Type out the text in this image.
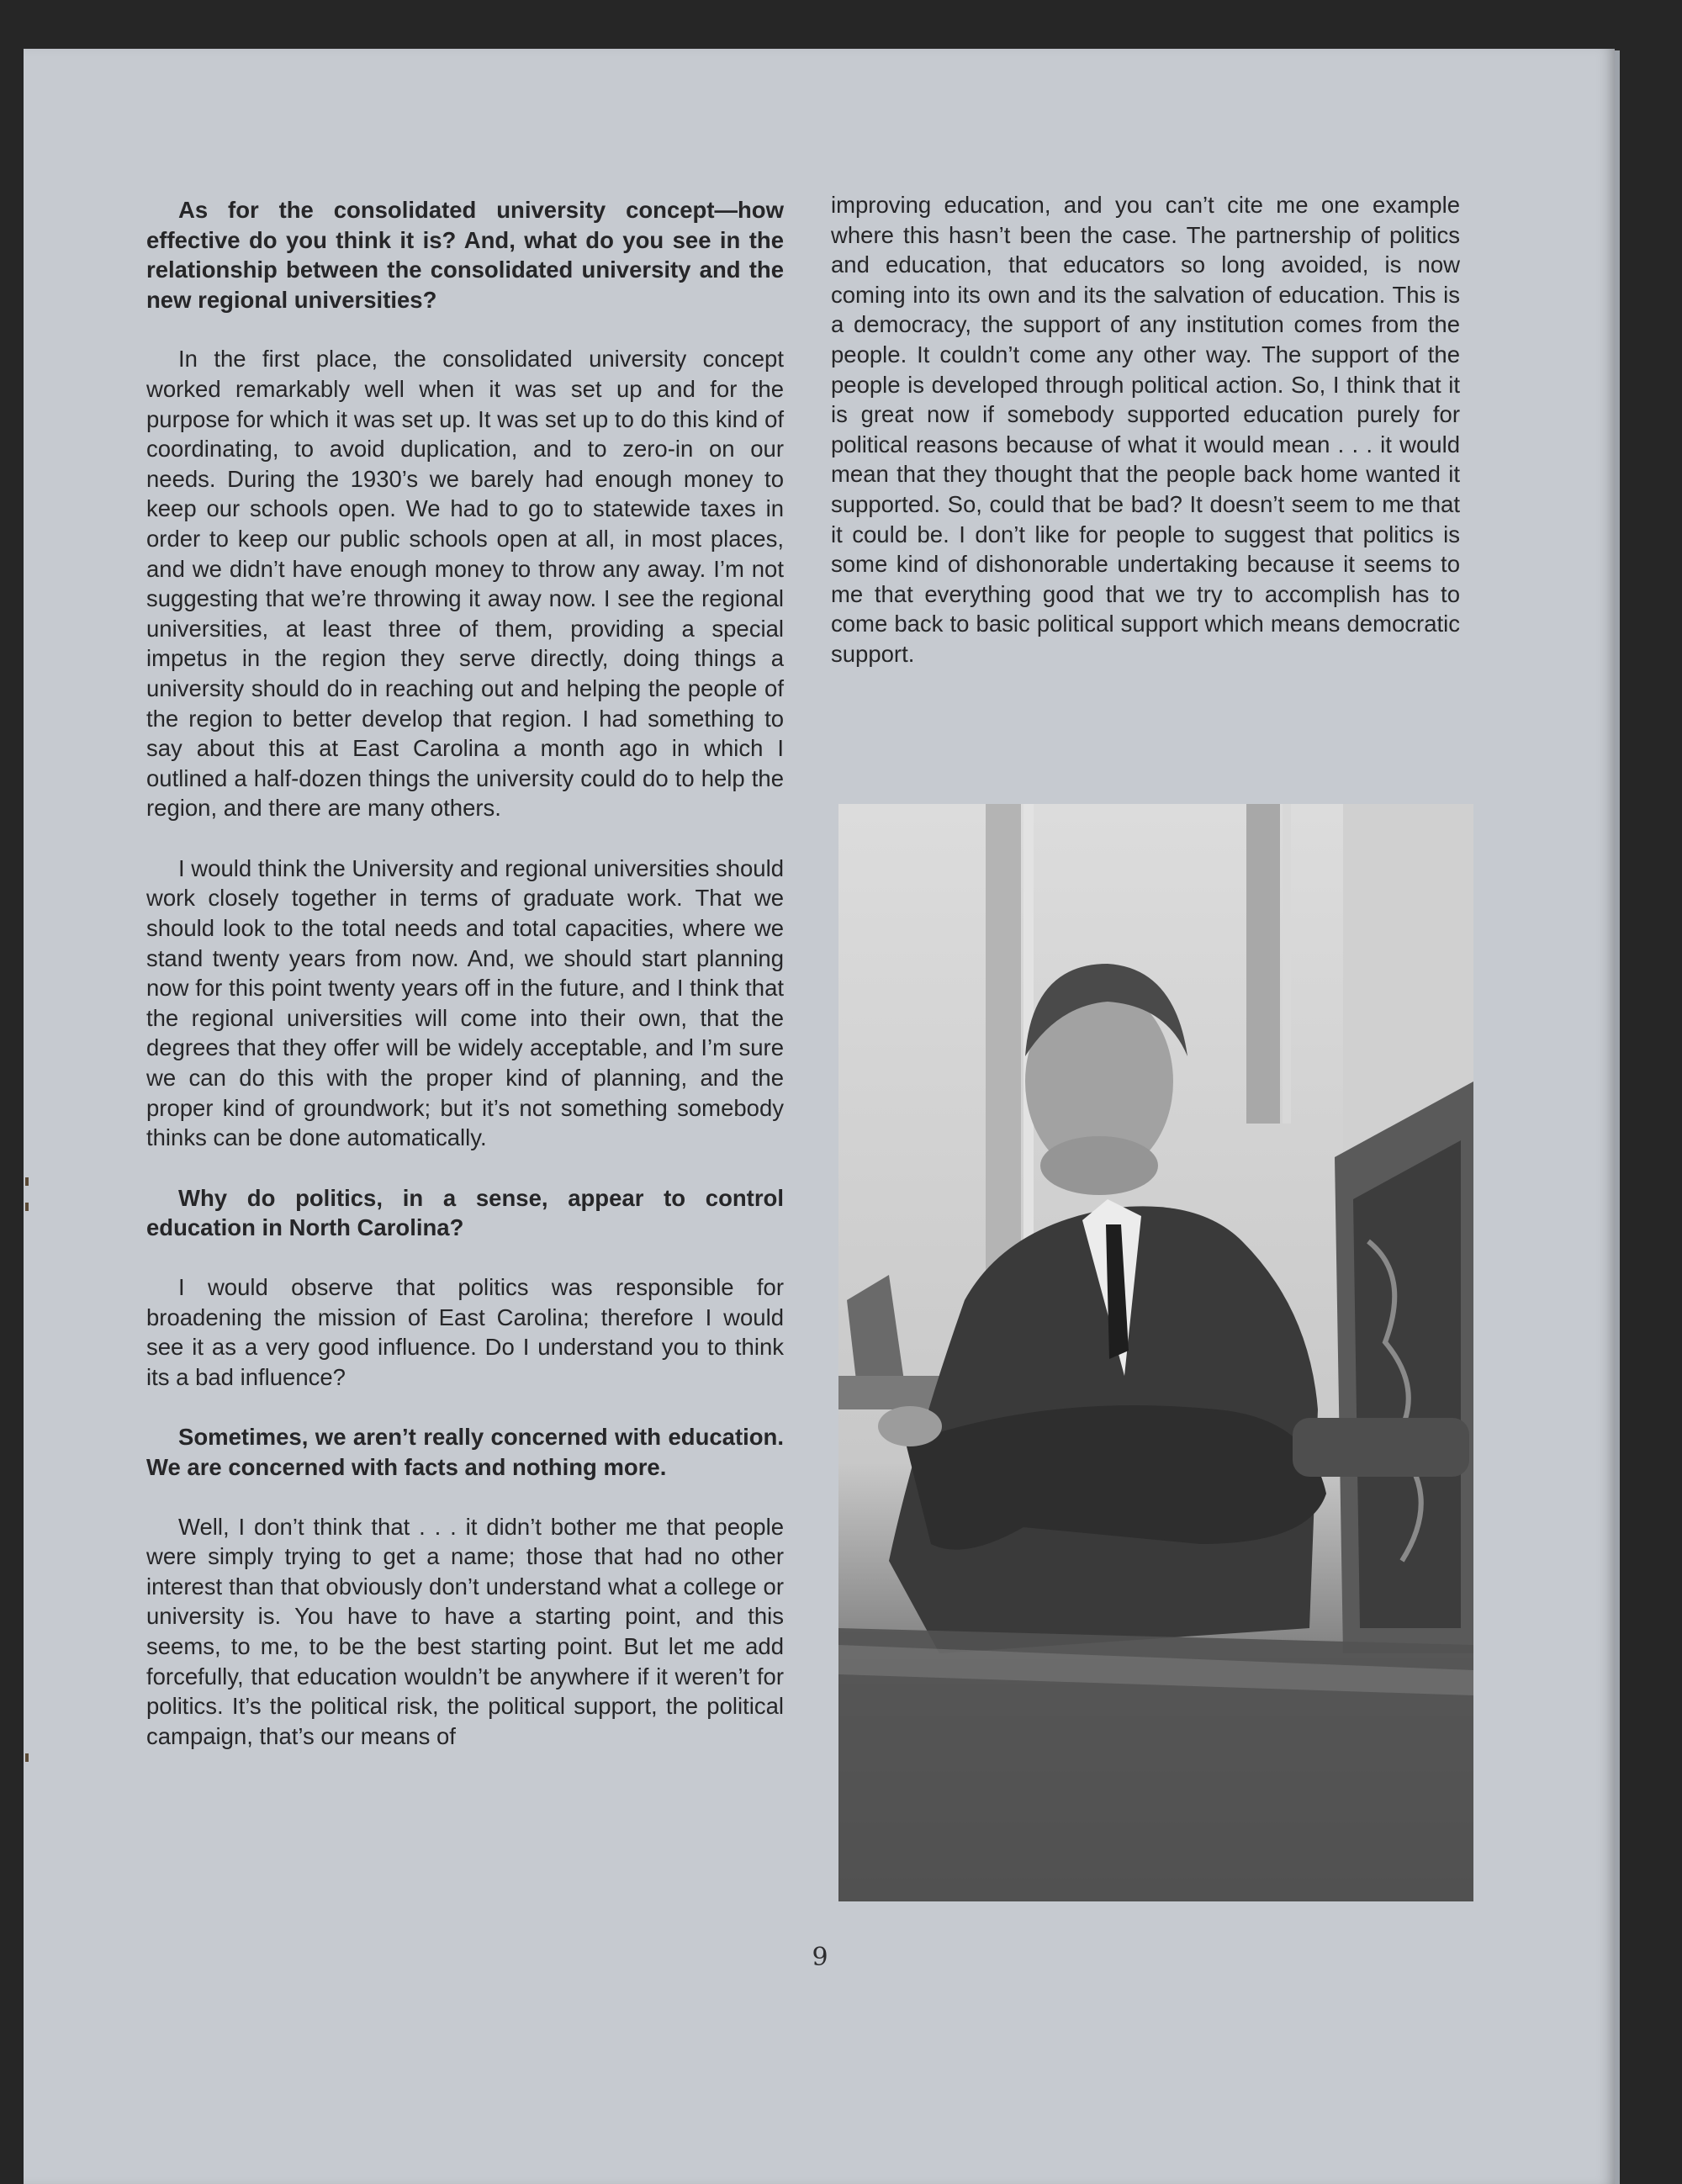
As for the consolidated university concept—how effective do you think it is? And, what do you see in the relationship between the consolidated university and the new regional universities?

In the first place, the consolidated university concept worked remarkably well when it was set up and for the purpose for which it was set up. It was set up to do this kind of coordinating, to avoid duplication, and to zero-in on our needs. During the 1930’s we barely had enough money to keep our schools open. We had to go to statewide taxes in order to keep our public schools open at all, in most places, and we didn’t have enough money to throw any away. I’m not suggesting that we’re throwing it away now. I see the regional universities, at least three of them, providing a special impetus in the region they serve directly, doing things a university should do in reaching out and helping the people of the region to better develop that region. I had something to say about this at East Carolina a month ago in which I outlined a half-dozen things the university could do to help the region, and there are many others.

I would think the University and regional universities should work closely together in terms of graduate work. That we should look to the total needs and total capacities, where we stand twenty years from now. And, we should start planning now for this point twenty years off in the future, and I think that the regional universities will come into their own, that the degrees that they offer will be widely acceptable, and I’m sure we can do this with the proper kind of planning, and the proper kind of groundwork; but it’s not something somebody thinks can be done automatically.

Why do politics, in a sense, appear to control education in North Carolina?

I would observe that politics was responsible for broadening the mission of East Carolina; therefore I would see it as a very good influence. Do I understand you to think its a bad influence?

Sometimes, we aren’t really concerned with education. We are concerned with facts and nothing more.

Well, I don’t think that . . . it didn’t bother me that people were simply trying to get a name; those that had no other interest than that obviously don’t understand what a college or university is. You have to have a starting point, and this seems, to me, to be the best starting point. But let me add forcefully, that education wouldn’t be anywhere if it weren’t for politics. It’s the political risk, the political support, the political campaign, that’s our means of

improving education, and you can’t cite me one example where this hasn’t been the case. The partnership of politics and education, that educators so long avoided, is now coming into its own and its the salvation of education. This is a democracy, the support of any institution comes from the people. It couldn’t come any other way. The support of the people is developed through political action. So, I think that it is great now if somebody supported education purely for political reasons because of what it would mean . . . it would mean that they thought that the people back home wanted it supported. So, could that be bad? It doesn’t seem to me that it could be. I don’t like for people to suggest that politics is some kind of dishonorable undertaking because it seems to me that everything good that we try to accomplish has to come back to basic political support which means democratic support.

9
